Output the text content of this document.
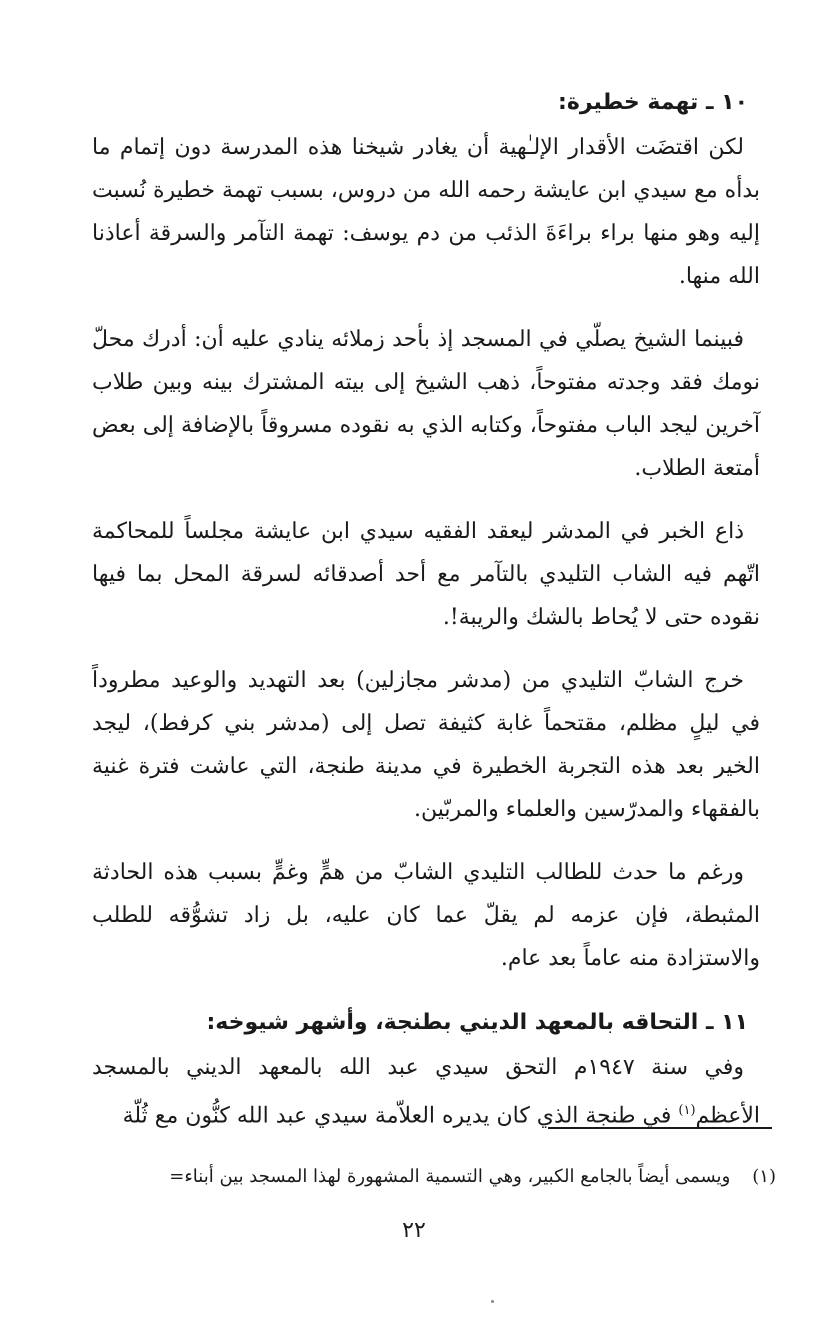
١٠ ـ تهمة خطيرة:

لكن اقتضَت الأقدار الإلـٰهية أن يغادر شيخنا هذه المدرسة دون إتمام ما بدأه مع سيدي ابن عايشة رحمه الله من دروس، بسبب تهمة خطيرة نُسبت إليه وهو منها براء براءَةَ الذئب من دم يوسف: تهمة التآمر والسرقة أعاذنا الله منها.

فبينما الشيخ يصلّي في المسجد إذ بأحد زملائه ينادي عليه أن: أدرك محلّ نومك فقد وجدته مفتوحاً، ذهب الشيخ إلى بيته المشترك بينه وبين طلاب آخرين ليجد الباب مفتوحاً، وكتابه الذي به نقوده مسروقاً بالإضافة إلى بعض أمتعة الطلاب.

ذاع الخبر في المدشر ليعقد الفقيه سيدي ابن عايشة مجلساً للمحاكمة اتّهم فيه الشاب التليدي بالتآمر مع أحد أصدقائه لسرقة المحل بما فيها نقوده حتى لا يُحاط بالشك والريبة!.

خرج الشابّ التليدي من (مدشر مجازلين) بعد التهديد والوعيد مطروداً في ليلٍ مظلم، مقتحماً غابة كثيفة تصل إلى (مدشر بني كرفط)، ليجد الخير بعد هذه التجربة الخطيرة في مدينة طنجة، التي عاشت فترة غنية بالفقهاء والمدرّسين والعلماء والمربّين.

ورغم ما حدث للطالب التليدي الشابّ من همٍّ وغمٍّ بسبب هذه الحادثة المثبطة، فإن عزمه لم يقلّ عما كان عليه، بل زاد تشوُّقه للطلب والاستزادة منه عاماً بعد عام.

١١ ـ التحاقه بالمعهد الديني بطنجة، وأشهر شيوخه:

وفي سنة ١٩٤٧م التحق سيدي عبد الله بالمعهد الديني بالمسجد الأعظم$^{(١)}$ في طنجة الذي كان يديره العلاّمة سيدي عبد الله كنُّون مع ثُلّة

(١)ويسمى أيضاً بالجامع الكبير، وهي التسمية المشهورة لهذا المسجد بين أبناء=
٢٢
